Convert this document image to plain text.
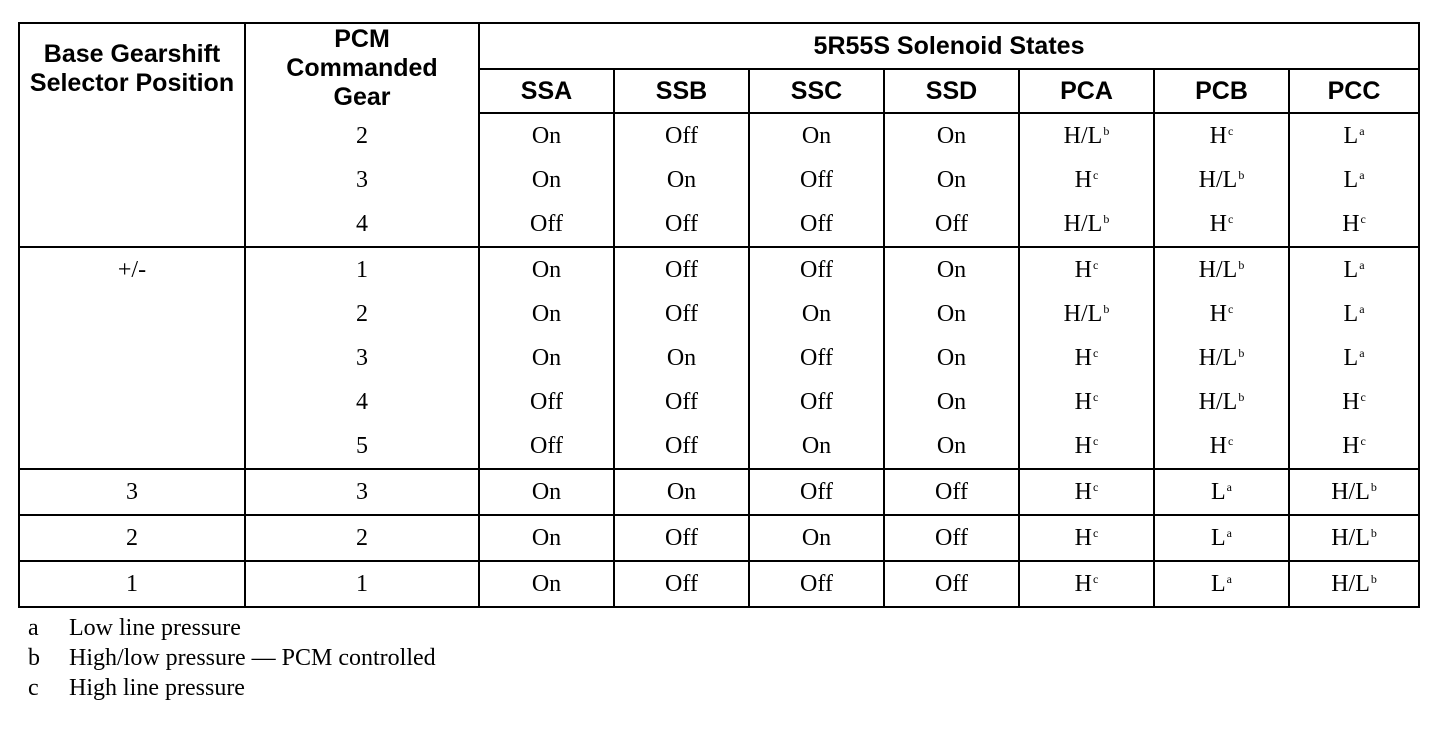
Base Gearshift Selector Position	PCM Commanded Gear	5R55S Solenoid States						
		SSA	SSB	SSC	SSD	PCA	PCB	PCC
	2	On	Off	On	On	H/L$^b$	H$^c$	L$^a$
	3	On	On	Off	On	H$^c$	H/L$^b$	L$^a$
	4	Off	Off	Off	Off	H/L$^b$	H$^c$	H$^c$
+/-	1	On	Off	Off	On	H$^c$	H/L$^b$	L$^a$
	2	On	Off	On	On	H/L$^b$	H$^c$	L$^a$
	3	On	On	Off	On	H$^c$	H/L$^b$	L$^a$
	4	Off	Off	Off	On	H$^c$	H/L$^b$	H$^c$
	5	Off	Off	On	On	H$^c$	H$^c$	H$^c$
3	3	On	On	Off	Off	H$^c$	L$^a$	H/L$^b$
2	2	On	Off	On	Off	H$^c$	L$^a$	H/L$^b$
1	1	On	Off	Off	Off	H$^c$	L$^a$	H/L$^b$
a Low line pressure
b High/low pressure — PCM controlled
c High line pressure
